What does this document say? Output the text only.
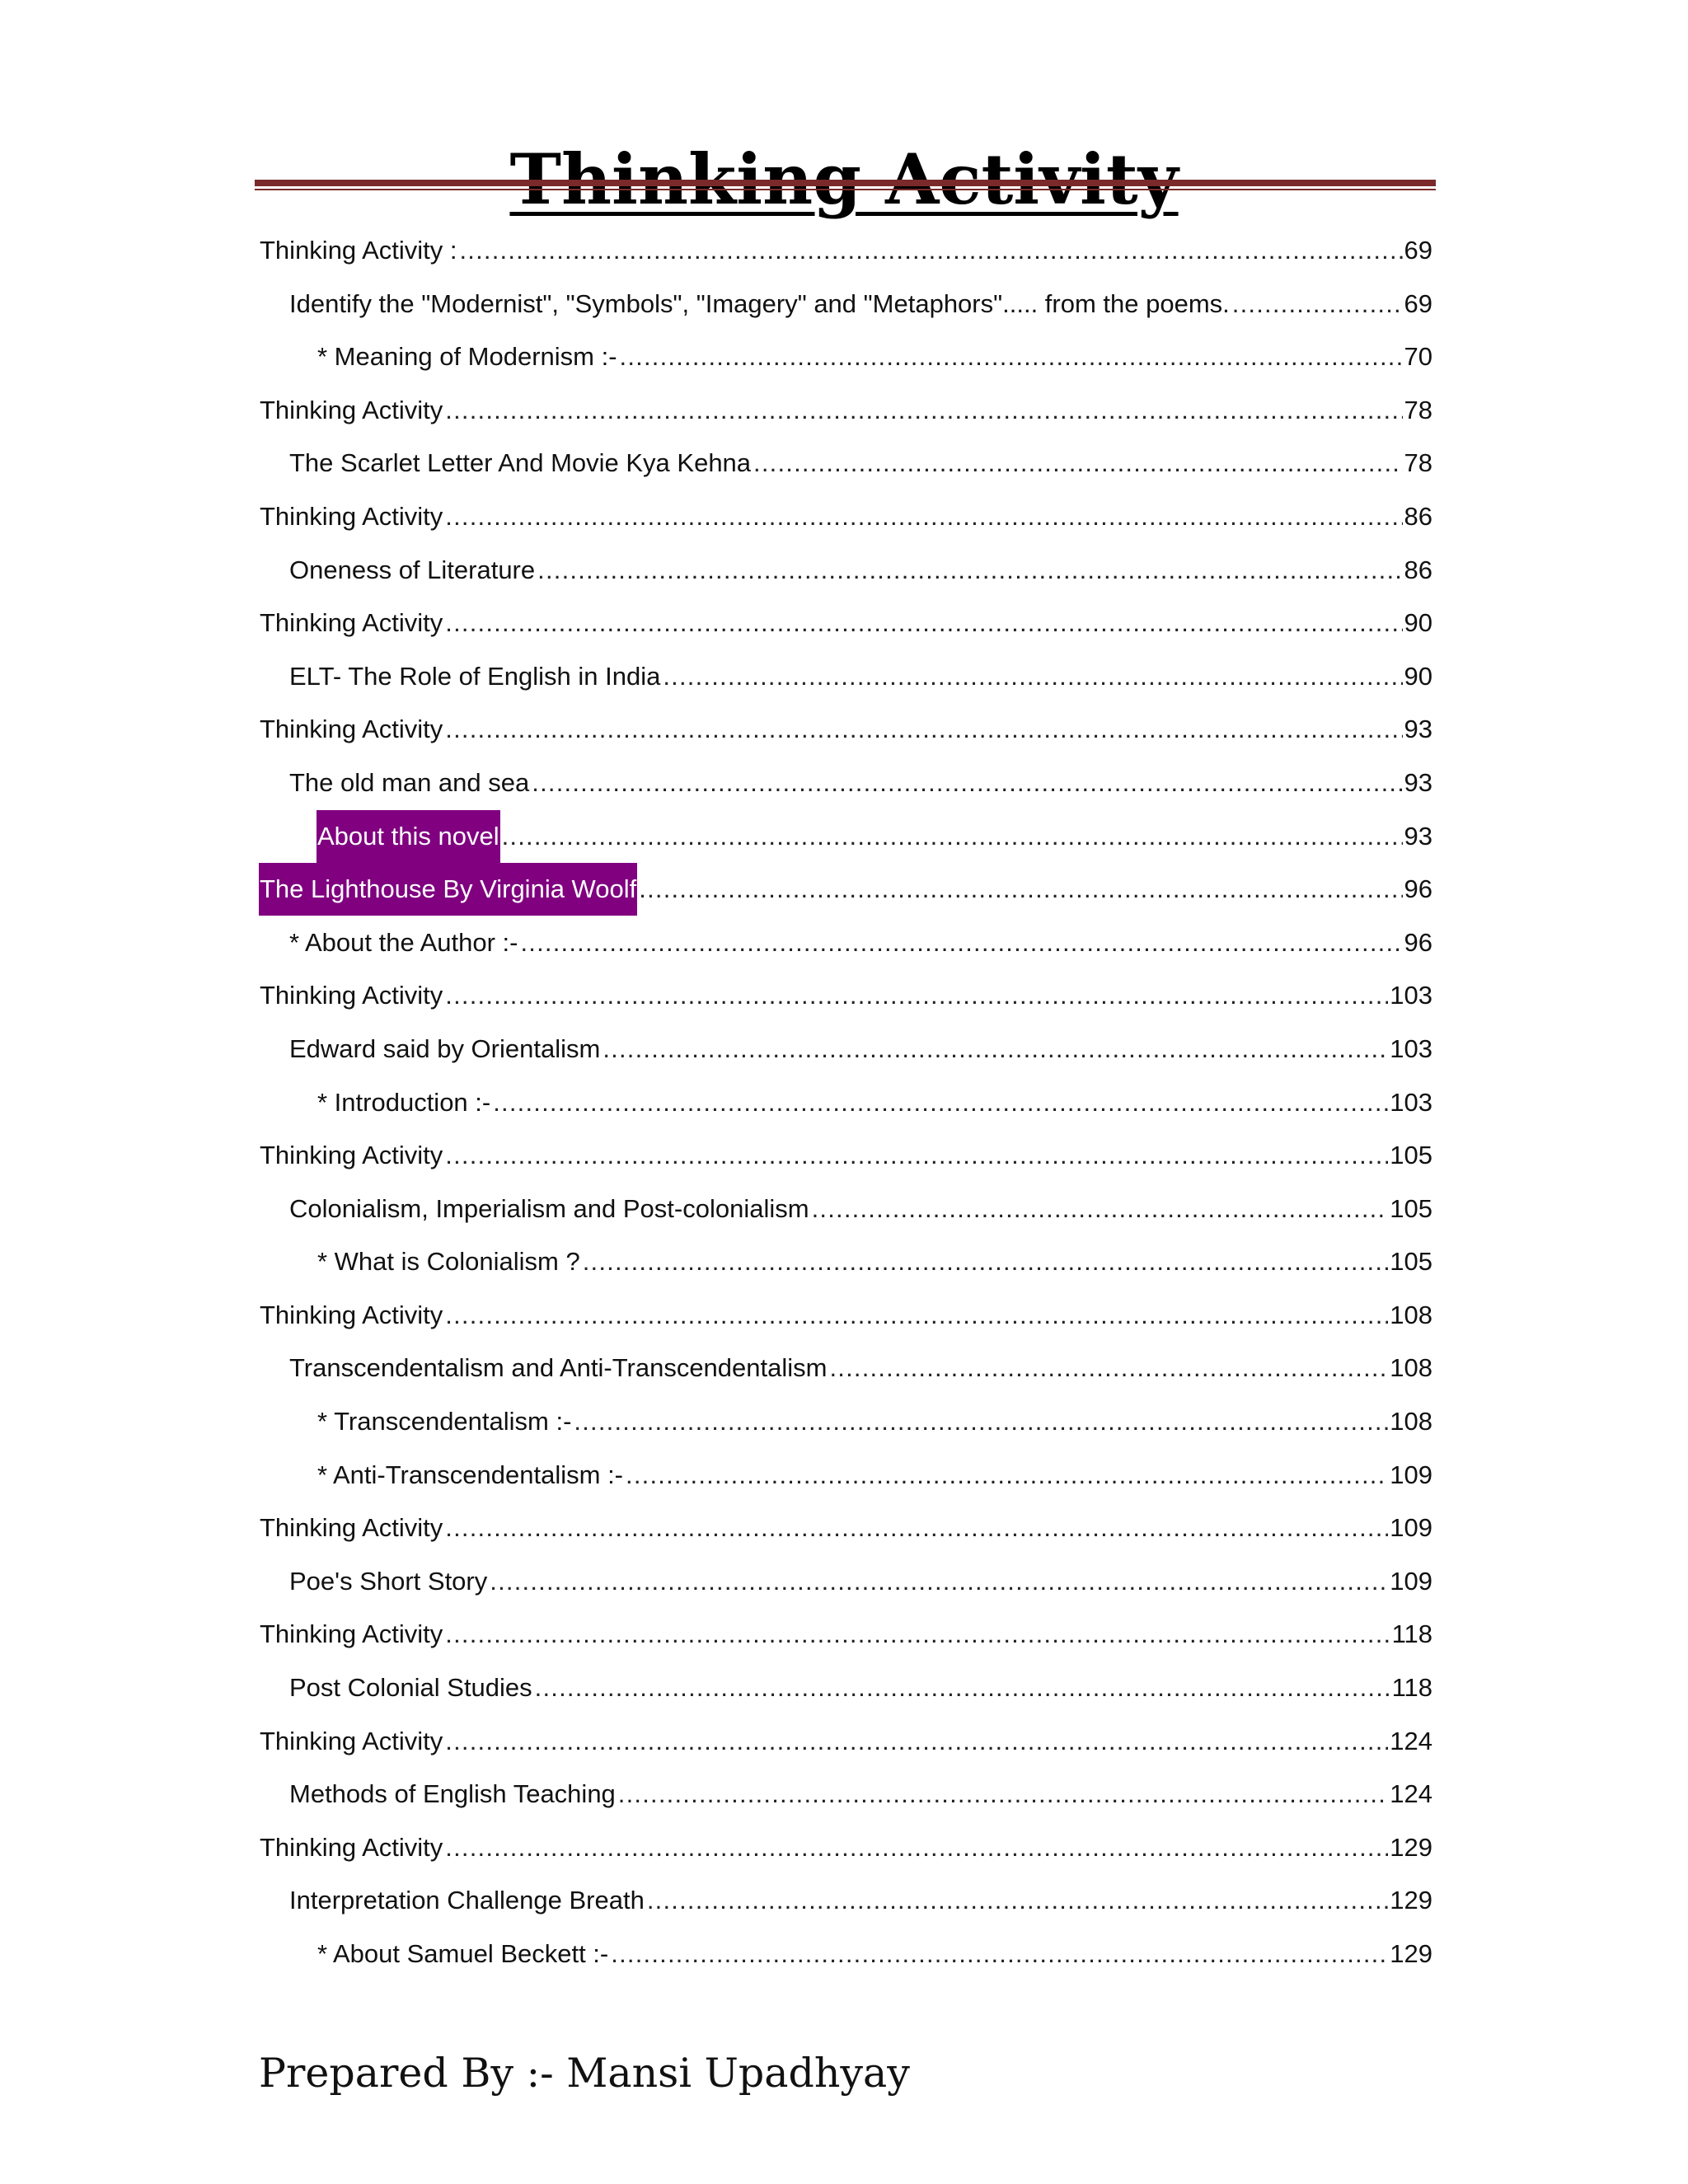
Thinking Activity : .....	69
Identify the "Modernist", "Symbols", "Imagery" and "Metaphors"..... from the poems. .....	69
* Meaning of Modernism :- .....	70
Thinking Activity .....	78
The Scarlet Letter And Movie Kya Kehna .....	78
Thinking Activity .....	86
Oneness of Literature .....	86
Thinking Activity .....	90
ELT- The Role of English in India .....	90
Thinking Activity .....	93
The old man and sea .....	93
About this novel .....	93
The Lighthouse By Virginia Woolf .....	96
* About the Author :- .....	96
Thinking Activity .....	103
Edward said by Orientalism .....	103
* Introduction :- .....	103
Thinking Activity .....	105
Colonialism, Imperialism and Post-colonialism .....	105
* What is Colonialism ? .....	105
Thinking Activity .....	108
Transcendentalism and Anti-Transcendentalism .....	108
* Transcendentalism :- .....	108
* Anti-Transcendentalism :- .....	109
Thinking Activity .....	109
Poe's Short Story .....	109
Thinking Activity .....	118
Post Colonial Studies .....	118
Thinking Activity .....	124
Methods of English Teaching .....	124
Thinking Activity .....	129
Interpretation Challenge Breath .....	129
* About Samuel Beckett :- .....	129
Prepared By :- Mansi Upadhyay
